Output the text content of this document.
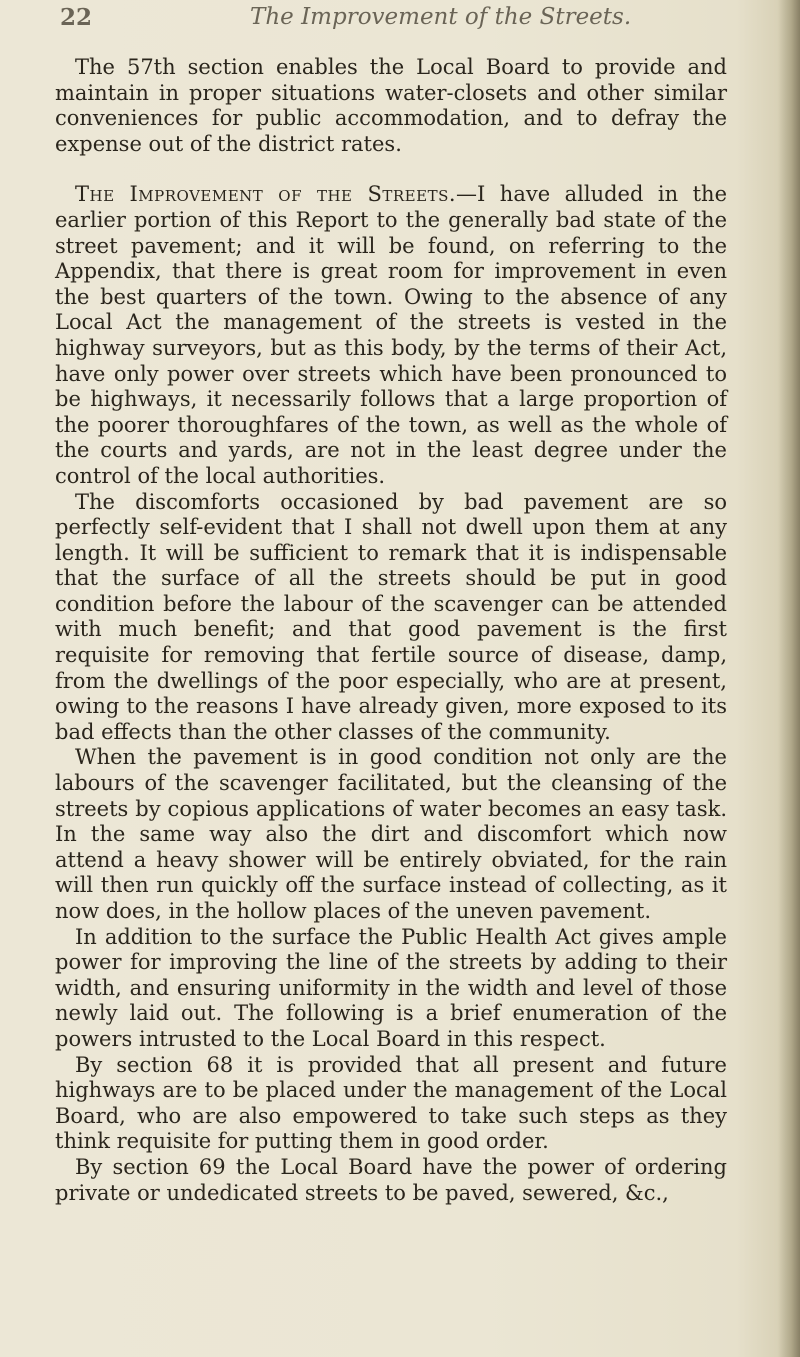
22	The Improvement of the Streets.

The 57th section enables the Local Board to provide and maintain in proper situations water-closets and other similar conveniences for public accommodation, and to defray the expense out of the district rates.

The Improvement of the Streets.—I have alluded in the earlier portion of this Report to the generally bad state of the street pavement; and it will be found, on referring to the Appendix, that there is great room for improvement in even the best quarters of the town. Owing to the absence of any Local Act the management of the streets is vested in the highway surveyors, but as this body, by the terms of their Act, have only power over streets which have been pronounced to be highways, it necessarily follows that a large proportion of the poorer thoroughfares of the town, as well as the whole of the courts and yards, are not in the least degree under the control of the local authorities.

The discomforts occasioned by bad pavement are so perfectly self-evident that I shall not dwell upon them at any length. It will be sufficient to remark that it is indispensable that the surface of all the streets should be put in good condition before the labour of the scavenger can be attended with much benefit; and that good pavement is the first requisite for removing that fertile source of disease, damp, from the dwellings of the poor especially, who are at present, owing to the reasons I have already given, more exposed to its bad effects than the other classes of the community.

When the pavement is in good condition not only are the labours of the scavenger facilitated, but the cleansing of the streets by copious applications of water becomes an easy task. In the same way also the dirt and discomfort which now attend a heavy shower will be entirely obviated, for the rain will then run quickly off the surface instead of collecting, as it now does, in the hollow places of the uneven pavement.

In addition to the surface the Public Health Act gives ample power for improving the line of the streets by adding to their width, and ensuring uniformity in the width and level of those newly laid out. The following is a brief enumeration of the powers intrusted to the Local Board in this respect.

By section 68 it is provided that all present and future highways are to be placed under the management of the Local Board, who are also empowered to take such steps as they think requisite for putting them in good order.

By section 69 the Local Board have the power of ordering private or undedicated streets to be paved, sewered, &c.,
